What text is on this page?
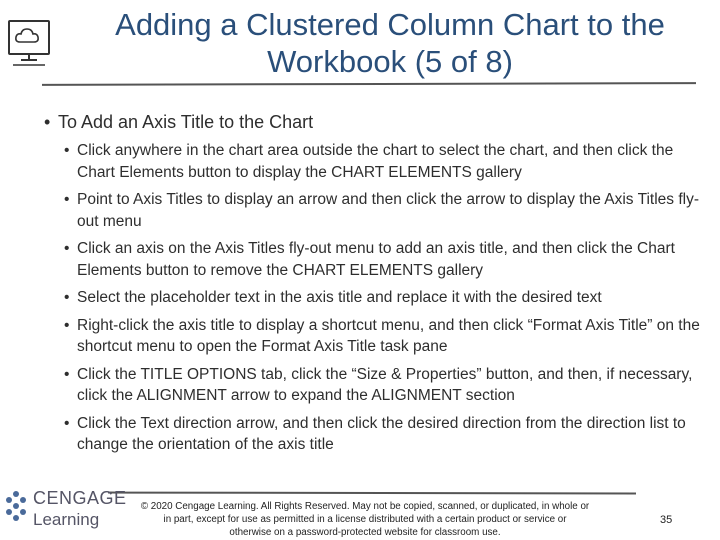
Adding a Clustered Column Chart to the
Workbook (5 of 8)
• To Add an Axis Title to the Chart
• Click anywhere in the chart area outside the chart to select the chart, and then click the Chart Elements button to display the CHART ELEMENTS gallery
• Point to Axis Titles to display an arrow and then click the arrow to display the Axis Titles fly-out menu
• Click an axis on the Axis Titles fly-out menu to add an axis title, and then click the Chart Elements button to remove the CHART ELEMENTS gallery
• Select the placeholder text in the axis title and replace it with the desired text
• Right-click the axis title to display a shortcut menu, and then click “Format Axis Title” on the shortcut menu to open the Format Axis Title task pane
• Click the TITLE OPTIONS tab, click the “Size & Properties” button, and then, if necessary, click the ALIGNMENT arrow to expand the ALIGNMENT section
• Click the Text direction arrow, and then click the desired direction from the direction list to change the orientation of the axis title
CENGAGE
Learning
© 2020 Cengage Learning. All Rights Reserved. May not be copied, scanned, or duplicated, in whole or
in part, except for use as permitted in a license distributed with a certain product or service or
otherwise on a password-protected website for classroom use.
35
